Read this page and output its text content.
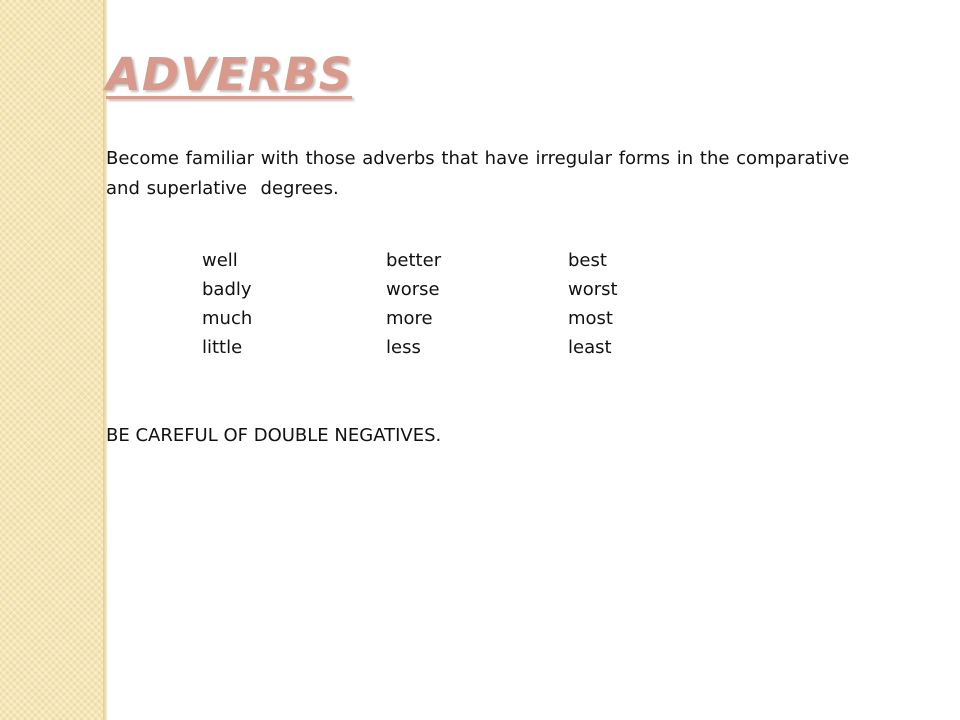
ADVERBS

Become familiar with those adverbs that have irregular forms in the comparative
and superlative  degrees.

well	better	best
badly	worse	worst
much	more	most
little	less	least

BE CAREFUL OF DOUBLE NEGATIVES.
